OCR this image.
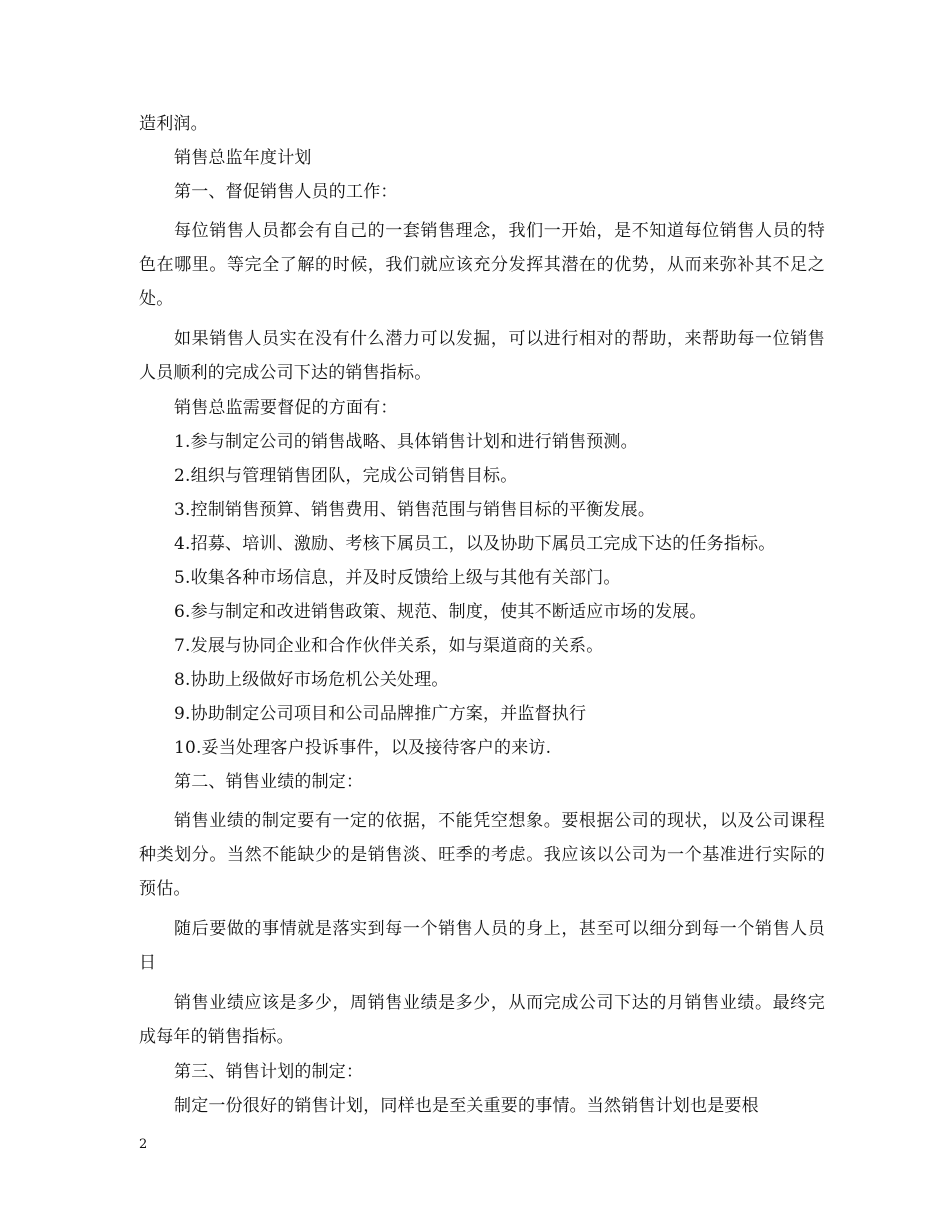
造利润。
销售总监年度计划
第一、督促销售人员的工作：
每位销售人员都会有自己的一套销售理念，我们一开始，是不知道每位销售人员的特色在哪里。等完全了解的时候，我们就应该充分发挥其潜在的优势，从而来弥补其不足之处。
如果销售人员实在没有什么潜力可以发掘，可以进行相对的帮助，来帮助每一位销售人员顺利的完成公司下达的销售指标。
销售总监需要督促的方面有：
1.参与制定公司的销售战略、具体销售计划和进行销售预测。
2.组织与管理销售团队，完成公司销售目标。
3.控制销售预算、销售费用、销售范围与销售目标的平衡发展。
4.招募、培训、激励、考核下属员工，以及协助下属员工完成下达的任务指标。
5.收集各种市场信息，并及时反馈给上级与其他有关部门。
6.参与制定和改进销售政策、规范、制度，使其不断适应市场的发展。
7.发展与协同企业和合作伙伴关系，如与渠道商的关系。
8.协助上级做好市场危机公关处理。
9.协助制定公司项目和公司品牌推广方案，并监督执行
10.妥当处理客户投诉事件，以及接待客户的来访.
第二、销售业绩的制定：
销售业绩的制定要有一定的依据，不能凭空想象。要根据公司的现状，以及公司课程种类划分。当然不能缺少的是销售淡、旺季的考虑。我应该以公司为一个基准进行实际的预估。
随后要做的事情就是落实到每一个销售人员的身上，甚至可以细分到每一个销售人员日
销售业绩应该是多少，周销售业绩是多少，从而完成公司下达的月销售业绩。最终完成每年的销售指标。
第三、销售计划的制定：
制定一份很好的销售计划，同样也是至关重要的事情。当然销售计划也是要根
2
